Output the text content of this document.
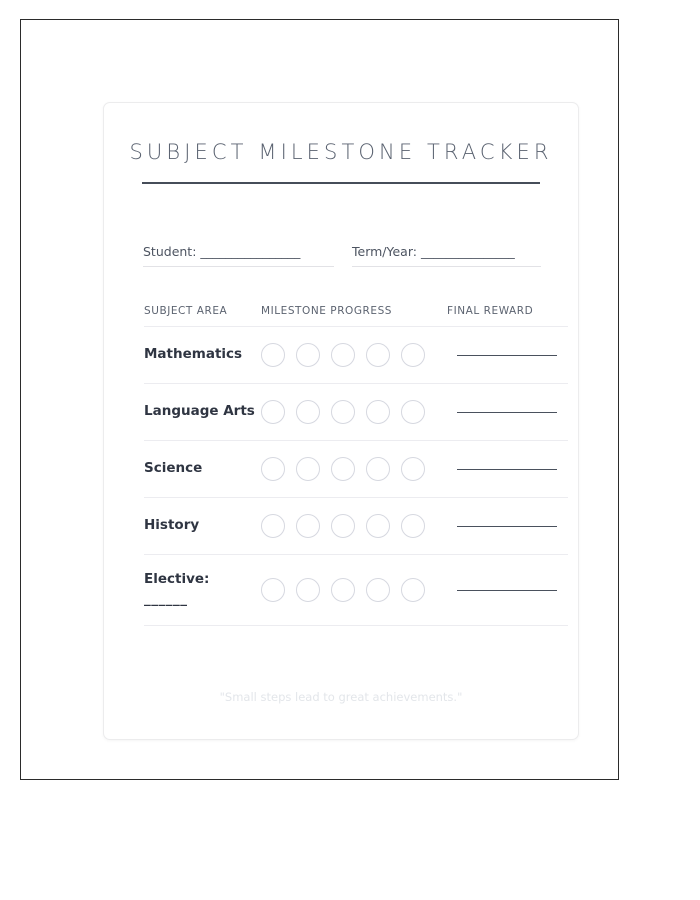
SUBJECT MILESTONE TRACKER
Student: ________________	Term/Year: _______________
SUBJECT AREA	MILESTONE PROGRESS	FINAL REWARD
Mathematics
Language Arts
Science
History
Elective:
______
"Small steps lead to great achievements."
